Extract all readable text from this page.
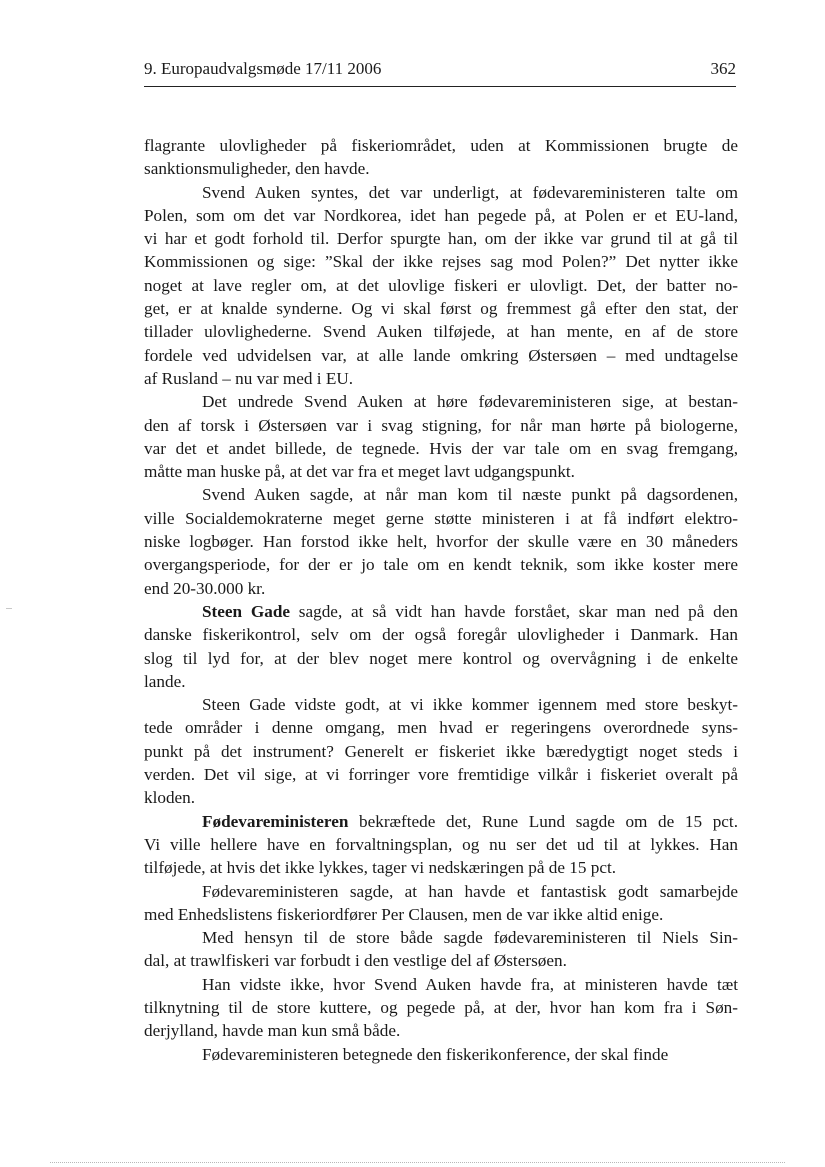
9. Europaudvalgsmøde 17/11 2006	362
flagrante ulovligheder på fiskeriområdet, uden at Kommissionen brugte de
sanktionsmuligheder, den havde.
Svend Auken syntes, det var underligt, at fødevareministeren talte om
Polen, som om det var Nordkorea, idet han pegede på, at Polen er et EU-land,
vi har et godt forhold til. Derfor spurgte han, om der ikke var grund til at gå til
Kommissionen og sige: ”Skal der ikke rejses sag mod Polen?” Det nytter ikke
noget at lave regler om, at det ulovlige fiskeri er ulovligt. Det, der batter no-
get, er at knalde synderne. Og vi skal først og fremmest gå efter den stat, der
tillader ulovlighederne. Svend Auken tilføjede, at han mente, en af de store
fordele ved udvidelsen var, at alle lande omkring Østersøen – med undtagelse
af Rusland – nu var med i EU.
Det undrede Svend Auken at høre fødevareministeren sige, at bestan-
den af torsk i Østersøen var i svag stigning, for når man hørte på biologerne,
var det et andet billede, de tegnede. Hvis der var tale om en svag fremgang,
måtte man huske på, at det var fra et meget lavt udgangspunkt.
Svend Auken sagde, at når man kom til næste punkt på dagsordenen,
ville Socialdemokraterne meget gerne støtte ministeren i at få indført elektro-
niske logbøger. Han forstod ikke helt, hvorfor der skulle være en 30 måneders
overgangsperiode, for der er jo tale om en kendt teknik, som ikke koster mere
end 20-30.000 kr.
Steen Gade sagde, at så vidt han havde forstået, skar man ned på den
danske fiskerikontrol, selv om der også foregår ulovligheder i Danmark. Han
slog til lyd for, at der blev noget mere kontrol og overvågning i de enkelte
lande.
Steen Gade vidste godt, at vi ikke kommer igennem med store beskyt-
tede områder i denne omgang, men hvad er regeringens overordnede syns-
punkt på det instrument? Generelt er fiskeriet ikke bæredygtigt noget steds i
verden. Det vil sige, at vi forringer vore fremtidige vilkår i fiskeriet overalt på
kloden.
Fødevareministeren bekræftede det, Rune Lund sagde om de 15 pct.
Vi ville hellere have en forvaltningsplan, og nu ser det ud til at lykkes. Han
tilføjede, at hvis det ikke lykkes, tager vi nedskæringen på de 15 pct.
Fødevareministeren sagde, at han havde et fantastisk godt samarbejde
med Enhedslistens fiskeriordfører Per Clausen, men de var ikke altid enige.
Med hensyn til de store både sagde fødevareministeren til Niels Sin-
dal, at trawlfiskeri var forbudt i den vestlige del af Østersøen.
Han vidste ikke, hvor Svend Auken havde fra, at ministeren havde tæt
tilknytning til de store kuttere, og pegede på, at der, hvor han kom fra i Søn-
derjylland, havde man kun små både.
Fødevareministeren betegnede den fiskerikonference, der skal finde
